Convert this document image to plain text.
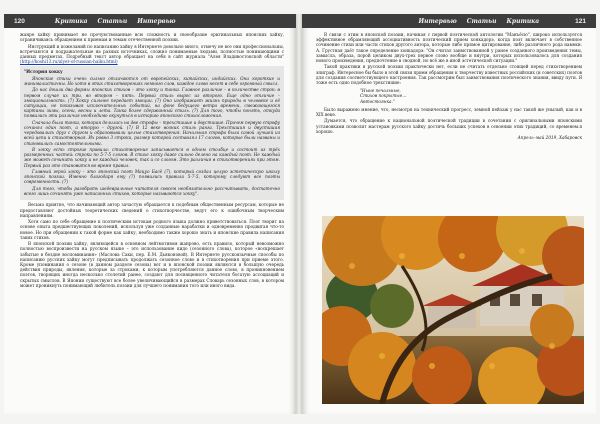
120	Критика Статьи Интервью

жанре хайку принимает не прочувствованные всю сложность и своеобразие оригинальных японских хайку, ограничиваясь обращением к приемам и темам отечественной поэзии.

Инструкций и пожеланий по написанию хайку в Интернете довольно много, отмечу не все они профессиональны, встречаются и подражательные на разных источниках, сложно понимаемые людьми, полностью понимающими с данных предметах. Подробный текст автор обращает на себя в сайт журнала "Алея Владивостокской области" (http://hoshi13.ru/alyer-of-russian-haiku.html)

"История хокку

Японские стихи очень сильно отличаются от европейских, китайских, индийских. Они короткие и минималистичны. Но хотя в этих стихотворениях немного слов, каждое слово несет в себе огромный смысл.

До нас дошли два формы японских стихов – это хокку и танка. Главное различие – в количестве строк: в первом случае их три, во втором – пять. Первый стиль вырос из второго. Еще одно отличие – эмоциональность. (7) Хокку сильнее передает эмоции. (7) Оно изображает жизнь природы в человеке и её ситуации, не показывая исключительных событий, на фоне бедущего ветра времени, смежающегося картины зимы, осени, весны и лета. Танка более сдержанный стиль. (7) Для того, чтобы понять, откуда появились эти различия необходимо окунуться в историю японского стихосложения.

Сначала была танка, которая делилась на две строфы – трехстишие и двустишие. Причем первую строфу сочинял один поэт, а вторую – другой. (7) В 12 веке возник стиль ранга. Трехстишия и двустишия чередовались друг с другом и образовывали целые стихотворения. Начальная строфа была самой лучшей из всей цепи и стихотворная. Их ровно 3 строки, размер которой составлял 17 слогов, которые были названы и становились самостоятельными.

В хокку есть строгие правила: стихотворение записывается в одном столбце и состоит из трёх размеренных частей: строки по 5-7-5 слогов. В стихе хокку даже сильно делено на каждый поэт. Не каждый же может сочинить хокку и не каждый человек, так и со слогом. Это различия в стихотворениях при этом. Первый раз это становится во время правил.

Главный герой хокку – это японский поэт Мацуо Басё (7), который создал целую эстетическую школу японской поэзии. Именно благодаря ему (7) появились правила 5-7-5, которому следуют все поэты современности. (7)

Для того, чтобы разобрать шедевральные читателя совсем необязательно рассчитывать, достаточно всего лишь сочинять уже написанных стихов, которые называются хокку".

Весьма приятно, что начинающий автор зачастую обращается к подобным общественным ресурсам, которые не предоставляют достойных теоретических сведений о стихотворчестве, ведут его к ошибочным творческим направлениям.

Хотя само по себе обращение к поэтическим истокам родного языка должно приветствоваться. Поэт творит на основе опыта предшествующих поколений, используя уже созданные нарабатки и одновременно продвигая что-то новое. Но при обращении к такой форме как хайку, необходимо также хорошо знать и японские правила написания таких стихов.

В японской поэзии хайку, являющейся в основном лейтмотивом жанрово, есть правило, который невозможно полностью воспроизвести на русском языке – это использование кидо (сезонного слова), которое «воскрешает забытые в бездне воспоминания» (Маслова Саки, пер. Е.М. Дьяконовой). В Интернете русскоязычные способы по написанию русских хайку могут предписывать продолжать сезонное слово и в стихотворения при приеме этого. Кроме упоминания о сезоне (в данном разделе сезона) вот и в японской поэзии являются в большую очередь действия природы, явления, которые за строками, к которым употребляются данное слово, в проникновением поэтов, творящих иногда несколько столетий ранее, создают для посвященного читателя богатую ассоциаций и скрытых смыслов. В Японии существуют все более увеличивающийся в размерах Словарь сезонных слов, в котором может проникнуть понимающий любитель поэзии для лучшего понимания того или иного вида.

Интервью Статьи Критика	121

В связи с этим в японской поэзии, начиная с первой поэтической антологии "Манъёсю", широко используется эффективное обрамляющий ассоциативность поэтический прием хонкадорэ, когда поэт включает в собственное сочинение стихи или части стихов другого автора, которые либо прямое цитирование, либо различного рода намеки. А. Грустная даёт такое определение хонкадорэ: "Он считал заимствованной у ранее созданного произведения темы, замысла, образа, порой целиком двух-трех первое слово вообще и внутри, которых использовалось для создания нового произведения, предпочтение в сводной, но всё же в иной эстетической ситуации."

Такой практики в русской поэзии практически нет, если не считать отдельно стоящей перед стихотворением эпиграф. Интересное бы было в этой связи прием обращения к творчеству известных российских (и советских) поэтов для создания соответствующего настроения. Так рассмотрим был заимствования поэтического знания, ввиду пути. Я тоже есть одно подобное трехстишие:

"Ныне печальные,

Стихов покрытые…

Автостоянка."

Было выражено мнение, что, несмотря на технический прогресс, земной пейзаж у нас такой же унылый, как и в XIX веке.

Думается, что обращение к национальной поэтической традиции в сочетании с оригинальными японскими установками позволит мастерам русского хайку достичь больших успехов в освоении этих традиций, со временем.я хорошо.

Апрель–май 2019, Хабаровск
